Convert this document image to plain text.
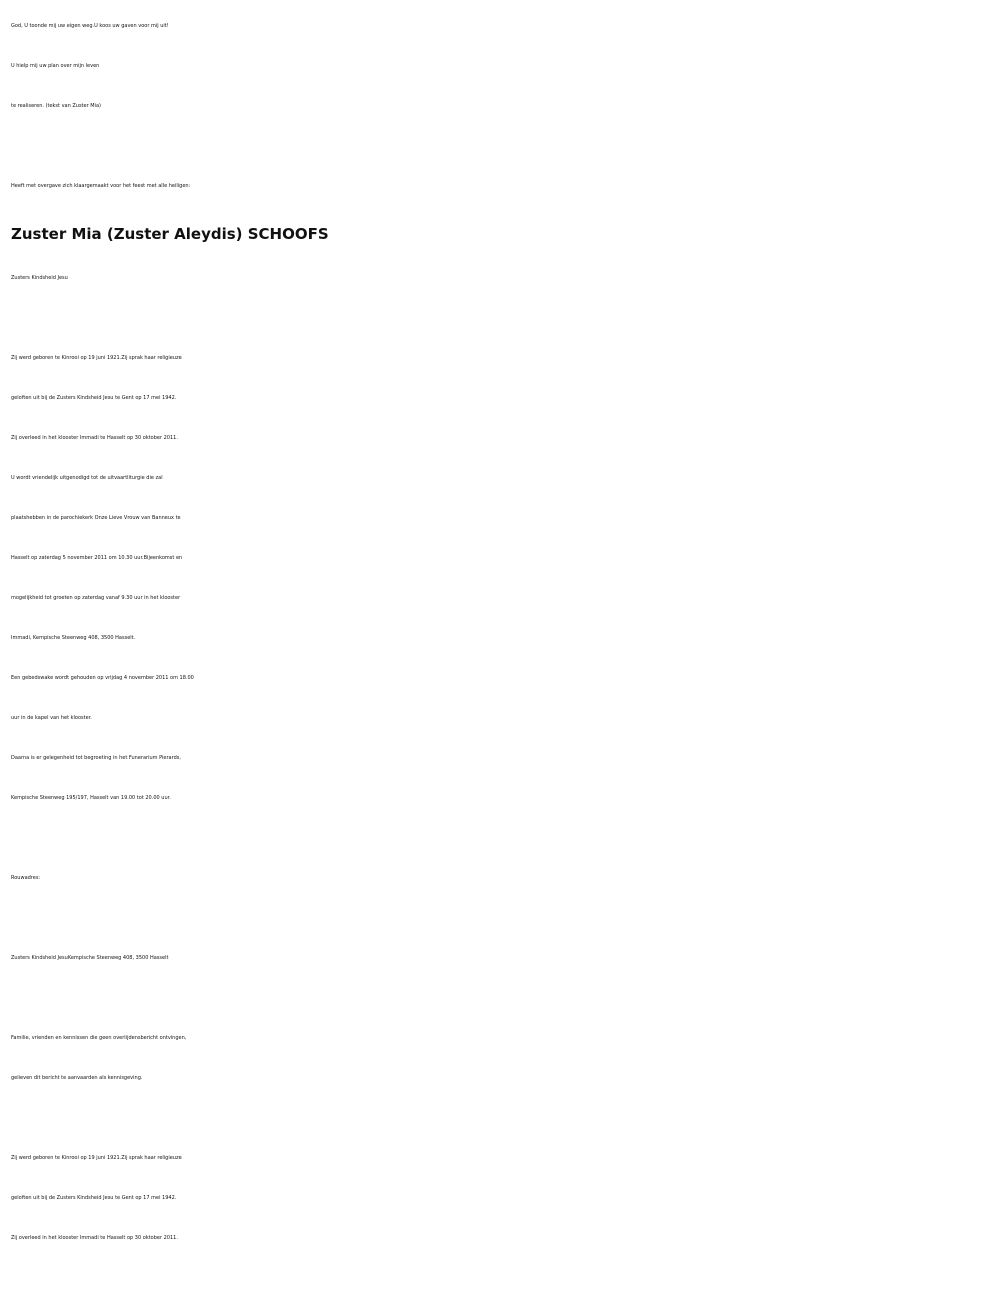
God, U toonde mij uw eigen weg.U koos uw gaven voor mij uit!
U hielp mij uw plan over mijn leven
te realiseren. (tekst van Zuster Mia)
Heeft met overgave zich klaargemaakt voor het feest met alle heiligen:
Zuster Mia (Zuster Aleydis) SCHOOFS
Zusters Kindsheid Jesu
Zij werd geboren te Kinrooi op 19 juni 1921.Zij sprak haar religieuze
geloften uit bij de Zusters Kindsheid Jesu te Gent op 17 mei 1942.
Zij overleed in het klooster Immadi te Hasselt op 30 oktober 2011.
U wordt vriendelijk uitgenodigd tot de uitvaartliturgie die zal
plaatshebben in de parochiekerk Onze Lieve Vrouw van Banneux te
Hasselt op zaterdag 5 november 2011 om 10.30 uur.Bijeenkomst en
mogelijkheid tot groeten op zaterdag vanaf 9.30 uur in het klooster
Immadi, Kempische Steenweg 408, 3500 Hasselt.
Een gebedswake wordt gehouden op vrijdag 4 november 2011 om 18.00
uur in de kapel van het klooster.
Daarna is er gelegenheid tot begroeting in het Funerarium Pierards,
Kempische Steenweg 195/197, Hasselt van 19.00 tot 20.00 uur.
Rouwadres:
Zusters Kindsheid JesuKempische Steenweg 408, 3500 Hasselt
Familie, vrienden en kennissen die geen overlijdensbericht ontvingen,
gelieven dit bericht te aanvaarden als kennisgeving.
Zij werd geboren te Kinrooi op 19 juni 1921.Zij sprak haar religieuze
geloften uit bij de Zusters Kindsheid Jesu te Gent op 17 mei 1942.
Zij overleed in het klooster Immadi te Hasselt op 30 oktober 2011.
